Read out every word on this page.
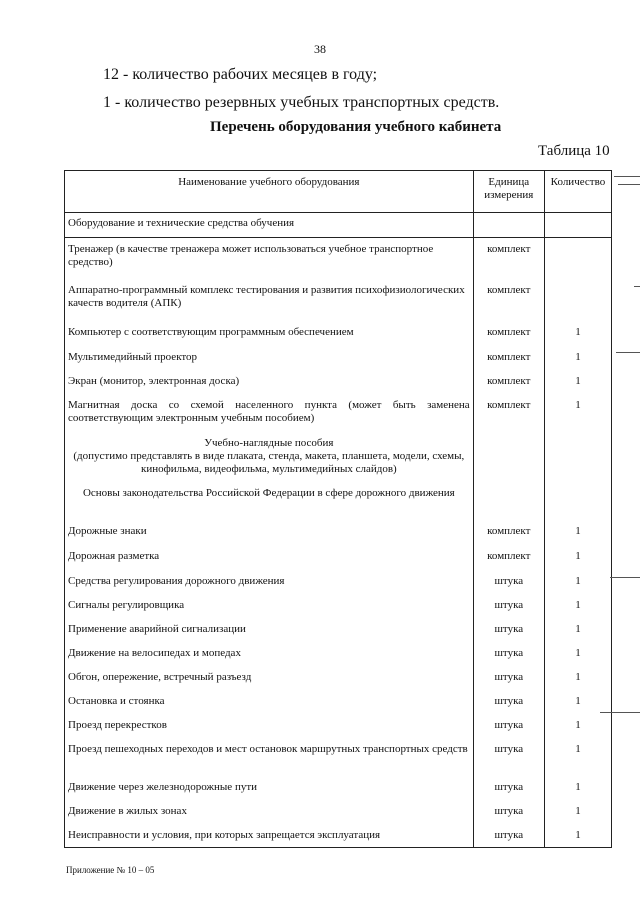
38
12 - количество рабочих месяцев в году;
1 - количество резервных учебных транспортных средств.
Перечень оборудования учебного кабинета
Таблица 10
Наименование учебного оборудования	Единица измерения	Количество
Оборудование и технические средства обучения		
Тренажер (в качестве тренажера может использоваться учебное транспортное средство)	комплект	
Аппаратно-программный комплекс тестирования и развития психофизиологических качеств водителя (АПК)	комплект	
Компьютер с соответствующим программным обеспечением	комплект	1
Мультимедийный проектор	комплект	1
Экран (монитор, электронная доска)	комплект	1
Магнитная доска со схемой населенного пункта (может быть заменена соответствующим электронным учебным пособием)	комплект	1

Учебно-наглядные пособия
(допустимо представлять в виде плаката, стенда, макета, планшета, модели, схемы, кинофильма, видеофильма, мультимедийных слайдов)		

Основы законодательства Российской Федерации в сфере дорожного движения		
Дорожные знаки	комплект	1
Дорожная разметка	комплект	1
Средства регулирования дорожного движения	штука	1
Сигналы регулировщика	штука	1
Применение аварийной сигнализации	штука	1
Движение на велосипедах и мопедах	штука	1
Обгон, опережение, встречный разъезд	штука	1
Остановка и стоянка	штука	1
Проезд перекрестков	штука	1
Проезд пешеходных переходов и мест остановок маршрутных транспортных средств	штука	1
Движение через железнодорожные пути	штука	1
Движение в жилых зонах	штука	1
Неисправности и условия, при которых запрещается эксплуатация	штука	1
Приложение № 10 – 05
